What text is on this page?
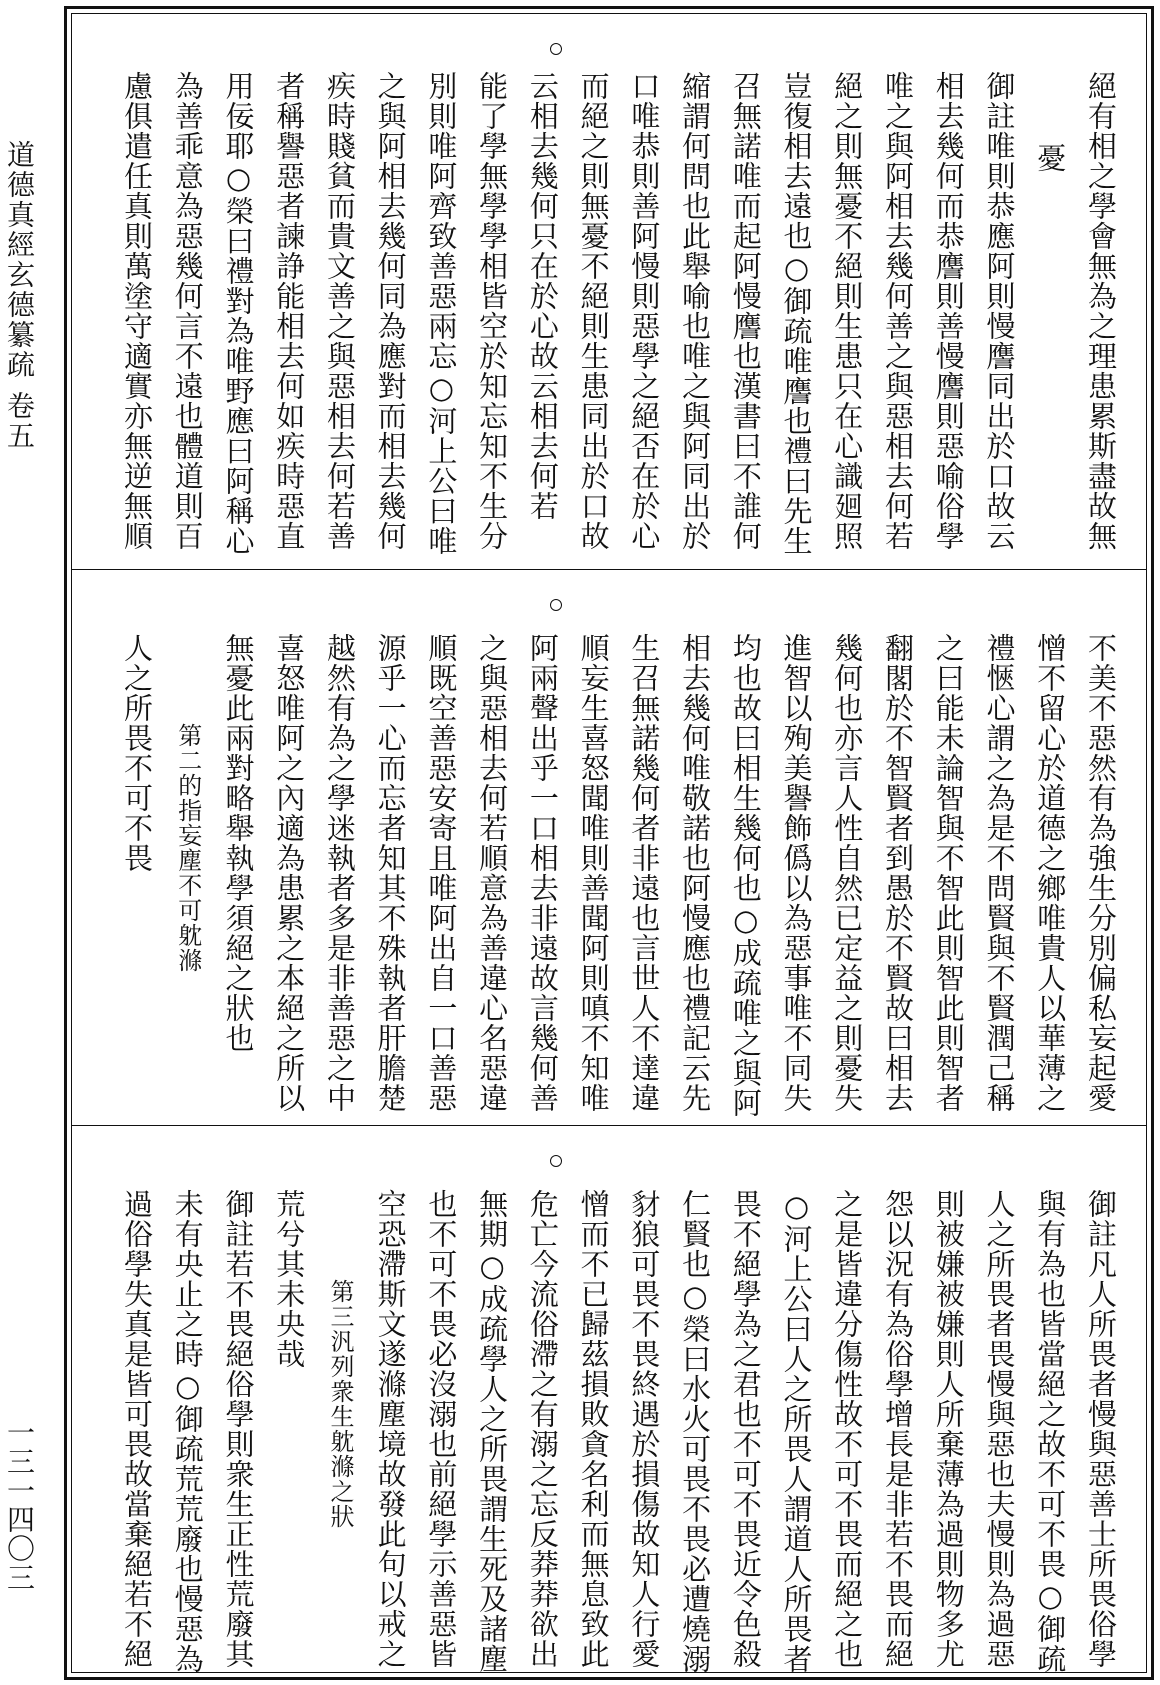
道德真經玄德纂疏 卷五
一三一四〇三
絕有相之學會無為之理患累斯盡故無
憂
御註唯則恭應阿則慢譍同出於口故云
相去幾何而恭譍則善慢譍則惡喻俗學
唯之與阿相去幾何善之與惡相去何若
絕之則無憂不絕則生患只在心識廻照
豈復相去遠也○御疏唯譍也禮曰先生
召無諾唯而起阿慢譍也漢書曰不誰何
縮謂何問也此舉喻也唯之與阿同出於
口唯恭則善阿慢則惡學之絕否在於心
而絕之則無憂不絕則生患同出於口故
云相去幾何只在於心故云相去何若
能了學無學學相皆空於知忘知不生分
別則唯阿齊致善惡兩忘○河上公曰唯
之與阿相去幾何同為應對而相去幾何
疾時賤貧而貴文善之與惡相去何若善
者稱譽惡者諫諍能相去何如疾時惡直
用佞耶○榮曰禮對為唯野應曰阿稱心
為善乖意為惡幾何言不遠也體道則百
慮俱遣任真則萬塗守適實亦無逆無順
不美不惡然有為強生分別偏私妄起愛
憎不留心於道德之鄉唯貴人以華薄之
禮愜心謂之為是不問賢與不賢潤己稱
之曰能未論智與不智此則智此則智者
翻閣於不智賢者到愚於不賢故曰相去
幾何也亦言人性自然已定益之則憂失
進智以殉美譽飾僞以為惡事唯不同失
均也故曰相生幾何也○成疏唯之與阿
相去幾何唯敬諾也阿慢應也禮記云先
生召無諾幾何者非遠也言世人不達違
順妄生喜怒聞唯則善聞阿則嗔不知唯
阿兩聲出乎一口相去非遠故言幾何善
之與惡相去何若順意為善違心名惡違
順既空善惡安寄且唯阿出自一口善惡
源乎一心而忘者知其不殊執者肝膽楚
越然有為之學迷執者多是非善惡之中
喜怒唯阿之內適為患累之本絕之所以
無憂此兩對略舉執學須絕之狀也
第二的指妄塵不可躭滌
人之所畏不可不畏
御註凡人所畏者慢與惡善士所畏俗學
與有為也皆當絕之故不可不畏○御疏
人之所畏者畏慢與惡也夫慢則為過惡
則被嫌被嫌則人所棄薄為過則物多尤
怨以況有為俗學增長是非若不畏而絕
之是皆違分傷性故不可不畏而絕之也
○河上公曰人之所畏人謂道人所畏者
畏不絕學為之君也不可不畏近令色殺
仁賢也○榮曰水火可畏不畏必遭燒溺
豺狼可畏不畏終遇於損傷故知人行愛
憎而不已歸茲損敗貪名利而無息致此
危亡今流俗滯之有溺之忘反莽莽欲出
無期○成疏學人之所畏謂生死及諸塵
也不可不畏必沒溺也前絕學示善惡皆
空恐滯斯文遂滌塵境故發此句以戒之
第三汎列衆生躭滌之狀
荒兮其未央哉
御註若不畏絕俗學則衆生正性荒廢其
未有央止之時○御疏荒荒廢也慢惡為
過俗學失真是皆可畏故當棄絕若不絕
